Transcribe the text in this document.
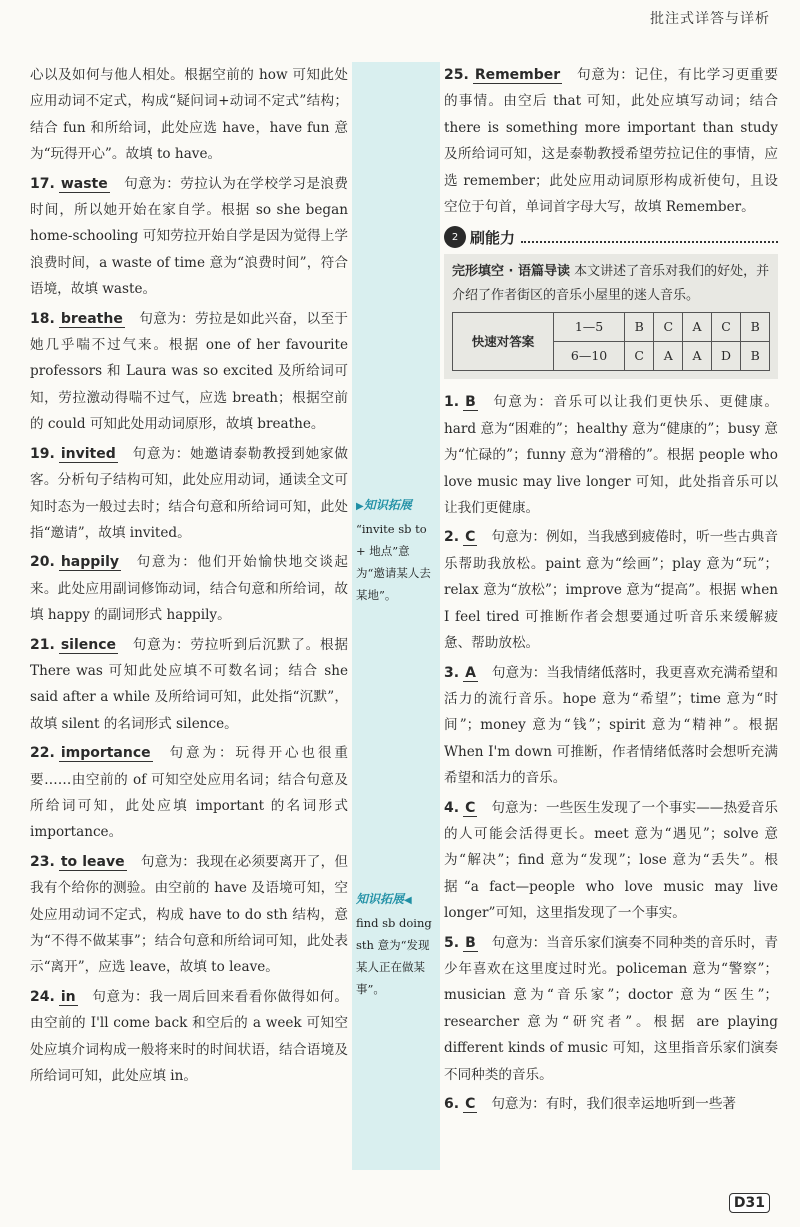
批注式详答与详析
▶知识拓展
“invite sb to + 地点”意为“邀请某人去某地”。
知识拓展◀
find sb doing sth 意为“发现某人正在做某事”。

心以及如何与他人相处。根据空前的 how 可知此处应用动词不定式，构成“疑问词+动词不定式”结构；结合 fun 和所给词，此处应选 have，have fun 意为“玩得开心”。故填 to have。

17. waste 句意为：劳拉认为在学校学习是浪费时间，所以她开始在家自学。根据 so she began home-schooling 可知劳拉开始自学是因为觉得上学浪费时间，a waste of time 意为“浪费时间”，符合语境，故填 waste。

18. breathe 句意为：劳拉是如此兴奋，以至于她几乎喘不过气来。根据 one of her favourite professors 和 Laura was so excited 及所给词可知，劳拉激动得喘不过气，应选 breath；根据空前的 could 可知此处用动词原形，故填 breathe。

19. invited 句意为：她邀请泰勒教授到她家做客。分析句子结构可知，此处应用动词，通读全文可知时态为一般过去时；结合句意和所给词可知，此处指“邀请”，故填 invited。

20. happily 句意为：他们开始愉快地交谈起来。此处应用副词修饰动词，结合句意和所给词，故填 happy 的副词形式 happily。

21. silence 句意为：劳拉听到后沉默了。根据 There was 可知此处应填不可数名词；结合 she said after a while 及所给词可知，此处指“沉默”，故填 silent 的名词形式 silence。

22. importance 句意为：玩得开心也很重要……由空前的 of 可知空处应用名词；结合句意及所给词可知，此处应填 important 的名词形式 importance。

23. to leave 句意为：我现在必须要离开了，但我有个给你的测验。由空前的 have 及语境可知，空处应用动词不定式，构成 have to do sth 结构，意为“不得不做某事”；结合句意和所给词可知，此处表示“离开”，应选 leave，故填 to leave。

24. in 句意为：我一周后回来看看你做得如何。由空前的 I'll come back 和空后的 a week 可知空处应填介词构成一般将来时的时间状语，结合语境及所给词可知，此处应填 in。

25. Remember 句意为：记住，有比学习更重要的事情。由空后 that 可知，此处应填写动词；结合 there is something more important than study 及所给词可知，这是泰勒教授希望劳拉记住的事情，应选 remember；此处应用动词原形构成祈使句，且设空位于句首，单词首字母大写，故填 Remember。

2 刷能力
完形填空 · 语篇导读 本文讲述了音乐对我们的好处，并介绍了作者街区的音乐小屋里的迷人音乐。
快速对答案	1—5	B	C	A	C	B
	6—10	C	A	A	D	B

1. B 句意为：音乐可以让我们更快乐、更健康。hard 意为“困难的”；healthy 意为“健康的”；busy 意为“忙碌的”；funny 意为“滑稽的”。根据 people who love music may live longer 可知，此处指音乐可以让我们更健康。

2. C 句意为：例如，当我感到疲倦时，听一些古典音乐帮助我放松。paint 意为“绘画”；play 意为“玩”；relax 意为“放松”；improve 意为“提高”。根据 when I feel tired 可推断作者会想要通过听音乐来缓解疲惫、帮助放松。

3. A 句意为：当我情绪低落时，我更喜欢充满希望和活力的流行音乐。hope 意为“希望”；time 意为“时间”；money 意为“钱”；spirit 意为“精神”。根据 When I'm down 可推断，作者情绪低落时会想听充满希望和活力的音乐。

4. C 句意为：一些医生发现了一个事实——热爱音乐的人可能会活得更长。meet 意为“遇见”；solve 意为“解决”；find 意为“发现”；lose 意为“丢失”。根据“a fact—people who love music may live longer”可知，这里指发现了一个事实。

5. B 句意为：当音乐家们演奏不同种类的音乐时，青少年喜欢在这里度过时光。policeman 意为“警察”；musician 意为“音乐家”；doctor 意为“医生”；researcher 意为“研究者”。根据 are playing different kinds of music 可知，这里指音乐家们演奏不同种类的音乐。

6. C 句意为：有时，我们很幸运地听到一些著

D31
